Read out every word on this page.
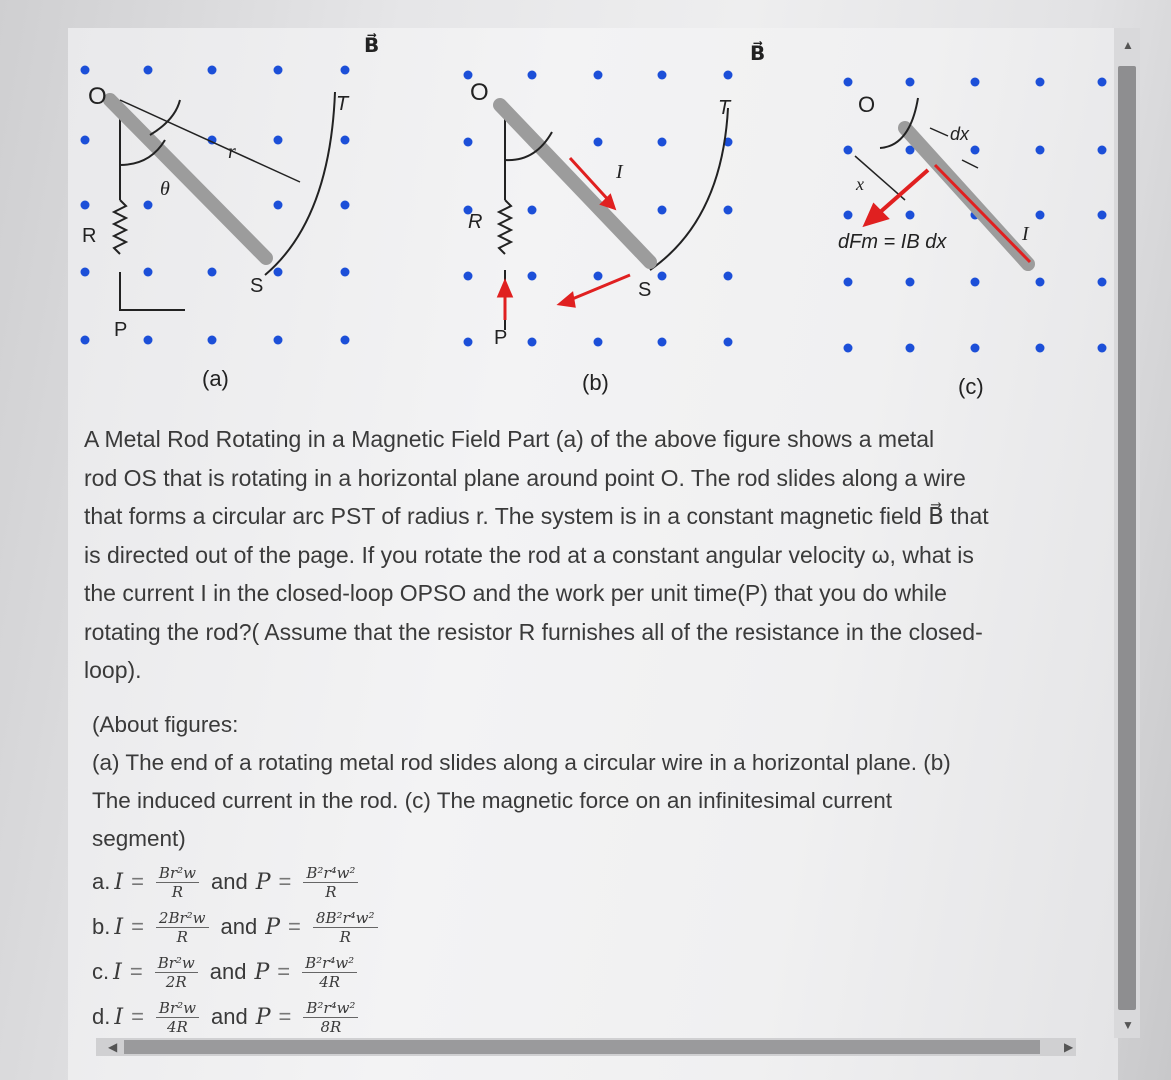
O	T
r
θ
R
S
P
B⃗
O
T
I
R
S
P
B⃗
O
dx
x
dFm = IB dx	I
(a)	(b)	(c)

A Metal Rod Rotating in a Magnetic Field Part (a) of the above figure shows a metal

rod OS that is rotating in a horizontal plane around point O. The rod slides along a wire

that forms a circular arc PST of radius r. The system is in a constant magnetic field B⃗ that

is directed out of the page. If you rotate the rod at a constant angular velocity ω, what is

the current I in the closed-loop OPSO and the work per unit time(P) that you do while

rotating the rod?( Assume that the resistor R furnishes all of the resistance in the closed-

loop).

(About figures:

(a) The end of a rotating metal rod slides along a circular wire in a horizontal plane. (b)

The induced current in the rod. (c) The magnetic force on an infinitesimal current

segment)

a. $I = \frac{\text{Br²w}}{R}$ and $P = \frac{\text{B²r⁴w²}}{R}$
b. $I = \frac{\text{2Br²w}}{R}$ and $P = \frac{\text{8B²r⁴w²}}{R}$
c. $I = \frac{\text{Br²w}}{2R}$ and $P = \frac{\text{B²r⁴w²}}{4R}$
d. $I = \frac{\text{Br²w}}{4R}$ and $P = \frac{\text{B²r⁴w²}}{8R}$
▲
▼
◀	▶
